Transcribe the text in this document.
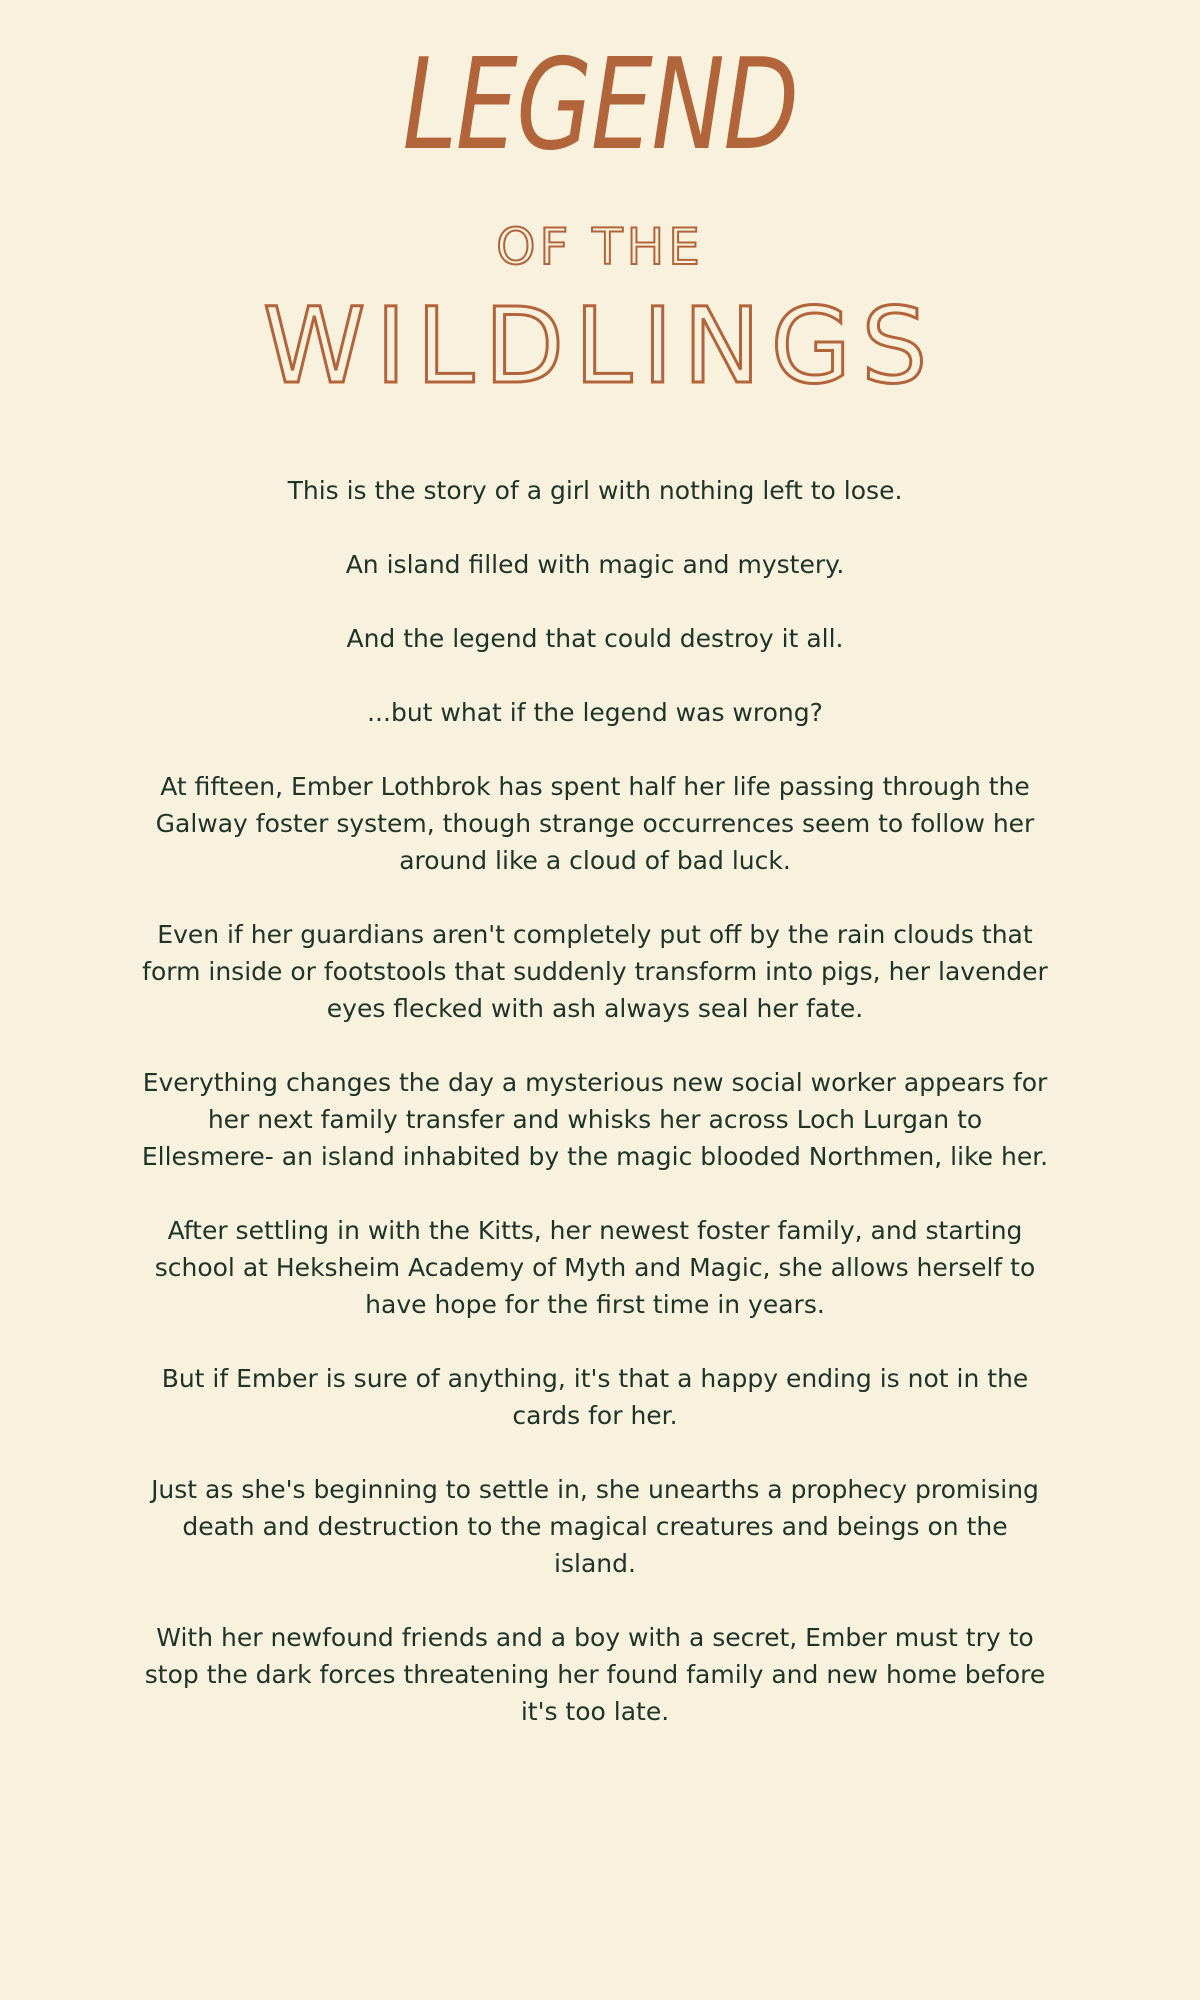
LEGEND
OF THE
WILDLINGS

This is the story of a girl with nothing left to lose.

An island filled with magic and mystery.

And the legend that could destroy it all.

...but what if the legend was wrong?

At fifteen, Ember Lothbrok has spent half her life passing through the Galway foster system, though strange occurrences seem to follow her around like a cloud of bad luck.

Even if her guardians aren't completely put off by the rain clouds that form inside or footstools that suddenly transform into pigs, her lavender eyes flecked with ash always seal her fate.

Everything changes the day a mysterious new social worker appears for her next family transfer and whisks her across Loch Lurgan to Ellesmere- an island inhabited by the magic blooded Northmen, like her.

After settling in with the Kitts, her newest foster family, and starting school at Heksheim Academy of Myth and Magic, she allows herself to have hope for the first time in years.

But if Ember is sure of anything, it's that a happy ending is not in the cards for her.

Just as she's beginning to settle in, she unearths a prophecy promising death and destruction to the magical creatures and beings on the island.

With her newfound friends and a boy with a secret, Ember must try to stop the dark forces threatening her found family and new home before it's too late.
